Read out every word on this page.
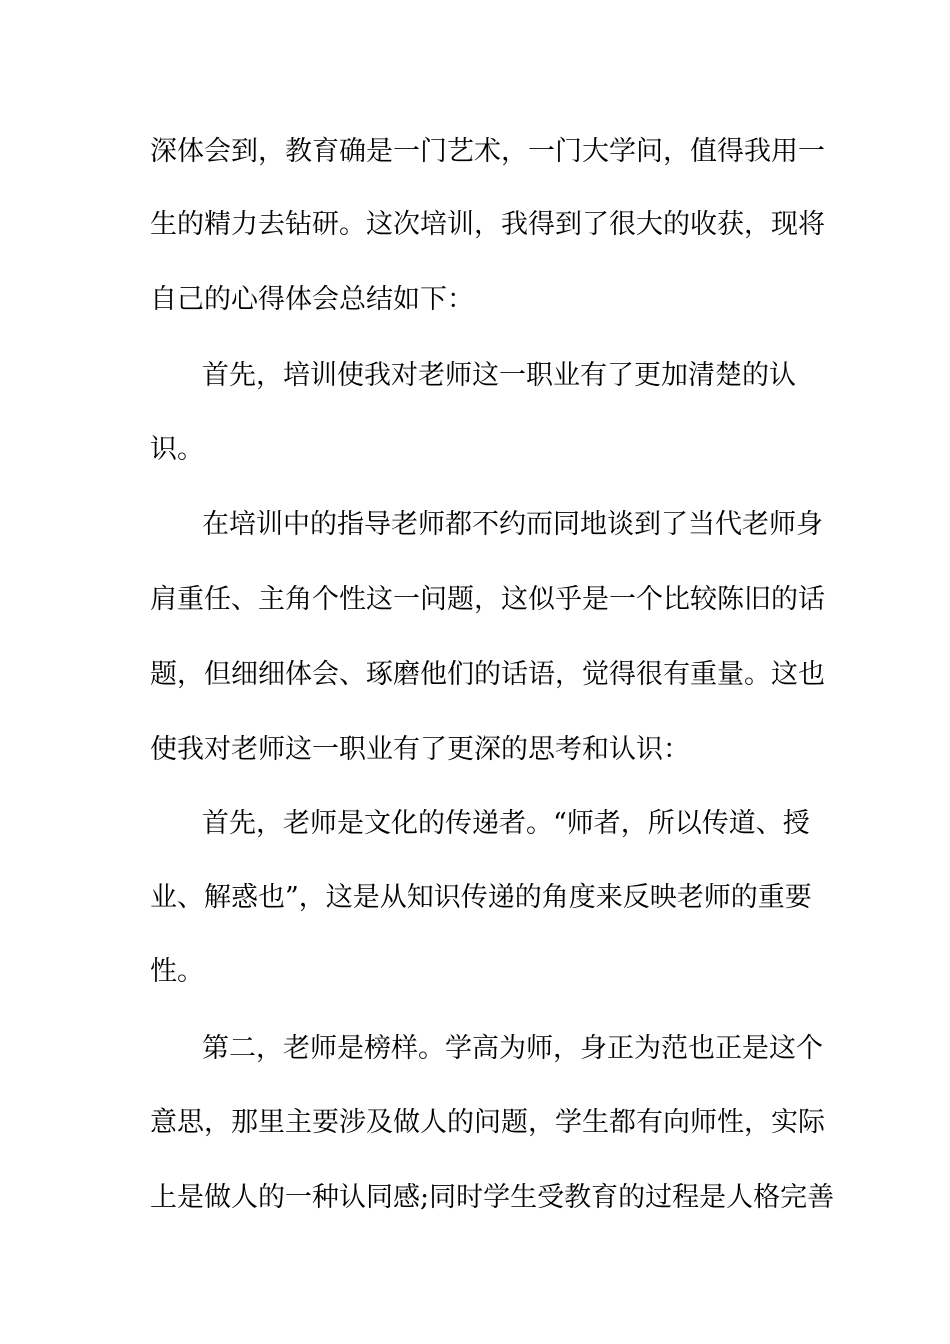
深体会到，教育确是一门艺术，一门大学问，值得我用一
生的精力去钻研。这次培训，我得到了很大的收获，现将
自己的心得体会总结如下：
首先，培训使我对老师这一职业有了更加清楚的认
识。
在培训中的指导老师都不约而同地谈到了当代老师身
肩重任、主角个性这一问题，这似乎是一个比较陈旧的话
题，但细细体会、琢磨他们的话语，觉得很有重量。这也
使我对老师这一职业有了更深的思考和认识：
首先，老师是文化的传递者。“师者，所以传道、授
业、解惑也”，这是从知识传递的角度来反映老师的重要
性。
第二，老师是榜样。学高为师，身正为范也正是这个
意思，那里主要涉及做人的问题，学生都有向师性，实际
上是做人的一种认同感;同时学生受教育的过程是人格完善
